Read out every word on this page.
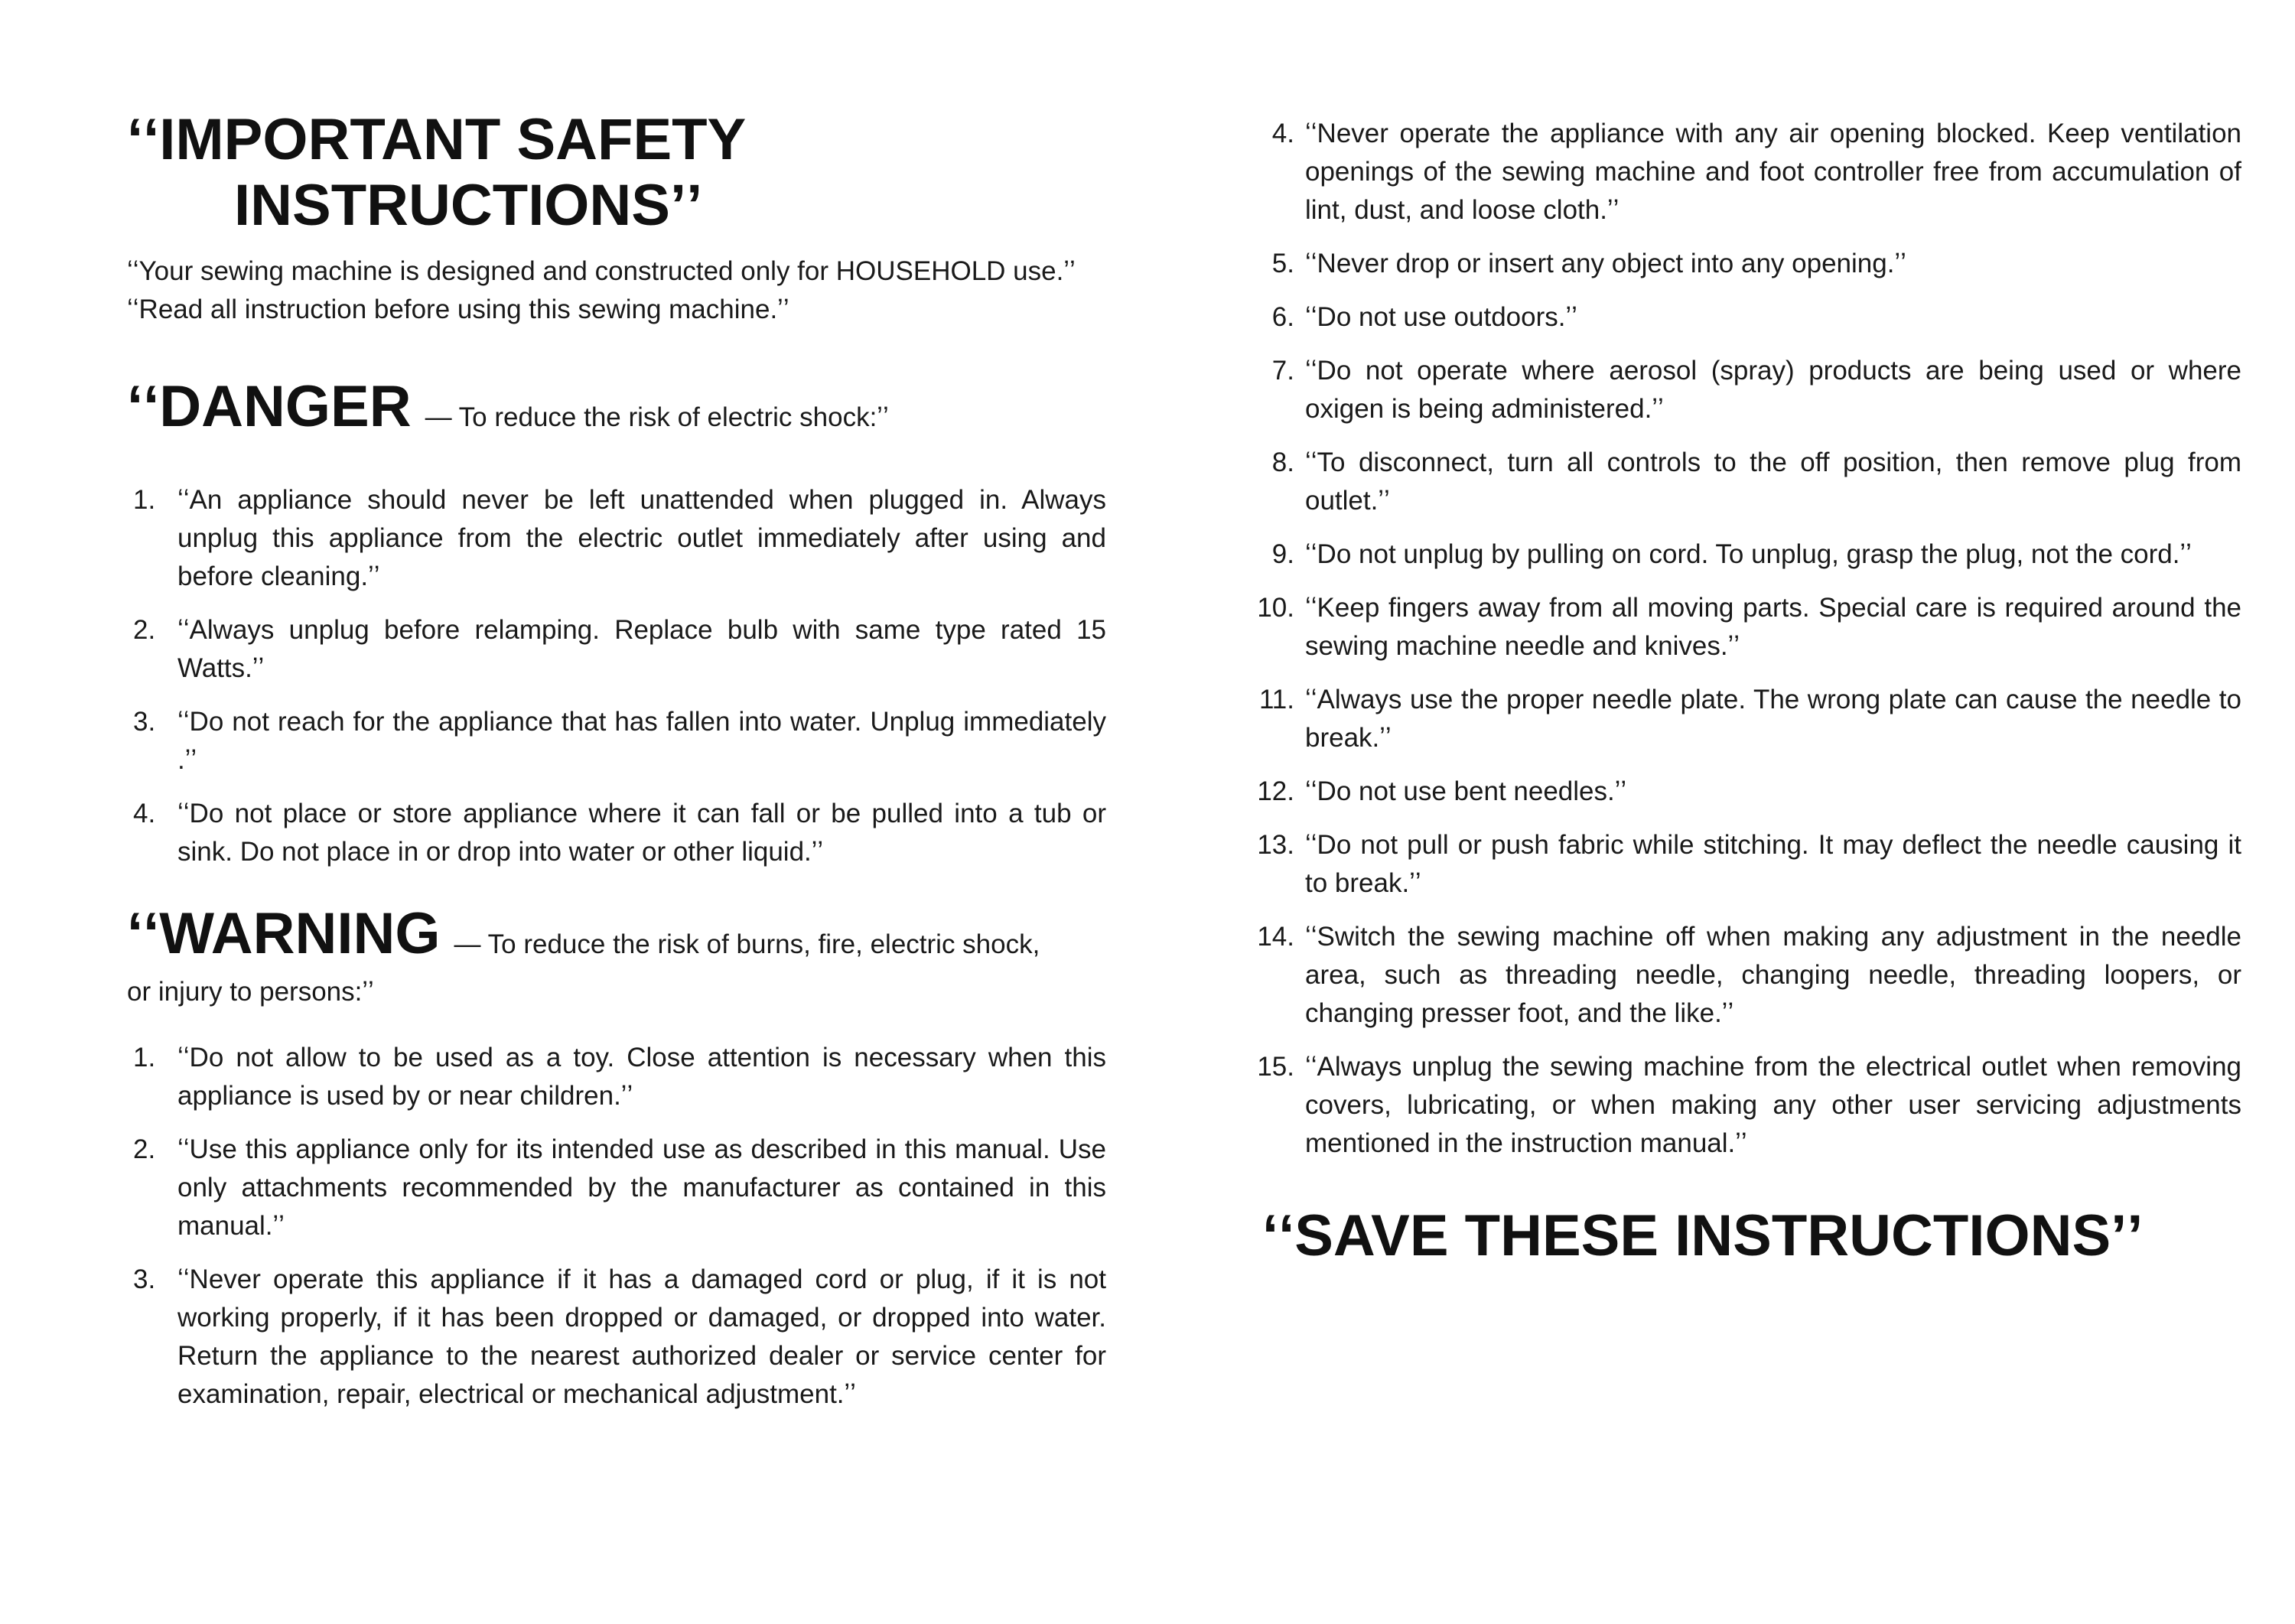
ʻʻIMPORTANT SAFETY
INSTRUCTIONSʼʼ

ʻʻYour sewing machine is designed and constructed only for HOUSEHOLD use.ʼʼ

ʻʻRead all instruction before using this sewing machine.ʼʼ

ʻʻDANGER — To reduce the risk of electric shock:ʼʼ
1. ʻʻAn appliance should never be left unattended when plugged in. Always unplug this appliance from the electric outlet immediately after using and before cleaning.ʼʼ
2. ʻʻAlways unplug before relamping. Replace bulb with same type rated 15 Watts.ʼʼ
3. ʻʻDo not reach for the appliance that has fallen into water. Unplug immediately .ʼʼ
4. ʻʻDo not place or store appliance where it can fall or be pulled into a tub or sink. Do not place in or drop into water or other liquid.ʼʼ
ʻʻWARNING — To reduce the risk of burns, fire, electric shock,
or injury to persons:ʼʼ
1. ʻʻDo not allow to be used as a toy. Close attention is necessary when this appliance is used by or near children.ʼʼ
2. ʻʻUse this appliance only for its intended use as described in this manual. Use only attachments recommended by the manufacturer as contained in this manual.ʼʼ
3. ʻʻNever operate this appliance if it has a damaged cord or plug, if it is not working properly, if it has been dropped or damaged, or dropped into water. Return the appliance to the nearest authorized dealer or service center for examination, repair, electrical or mechanical adjustment.ʼʼ
4. ʻʻNever operate the appliance with any air opening blocked. Keep ventilation openings of the sewing machine and foot controller free from accumulation of lint, dust, and loose cloth.ʼʼ
5. ʻʻNever drop or insert any object into any opening.ʼʼ
6. ʻʻDo not use outdoors.ʼʼ
7. ʻʻDo not operate where aerosol (spray) products are being used or where oxigen is being administered.ʼʼ
8. ʻʻTo disconnect, turn all controls to the off position, then remove plug from outlet.ʼʼ
9. ʻʻDo not unplug by pulling on cord. To unplug, grasp the plug, not the cord.ʼʼ
10. ʻʻKeep fingers away from all moving parts. Special care is required around the sewing machine needle and knives.ʼʼ
11. ʻʻAlways use the proper needle plate. The wrong plate can cause the needle to break.ʼʼ
12. ʻʻDo not use bent needles.ʼʼ
13. ʻʻDo not pull or push fabric while stitching. It may deflect the needle causing it to break.ʼʼ
14. ʻʻSwitch the sewing machine off when making any adjustment in the needle area, such as threading needle, changing needle, threading loopers, or changing presser foot, and the like.ʼʼ
15. ʻʻAlways unplug the sewing machine from the electrical outlet when removing covers, lubricating, or when making any other user servicing adjustments mentioned in the instruction manual.ʼʼ
ʻʻSAVE THESE INSTRUCTIONSʼʼ
